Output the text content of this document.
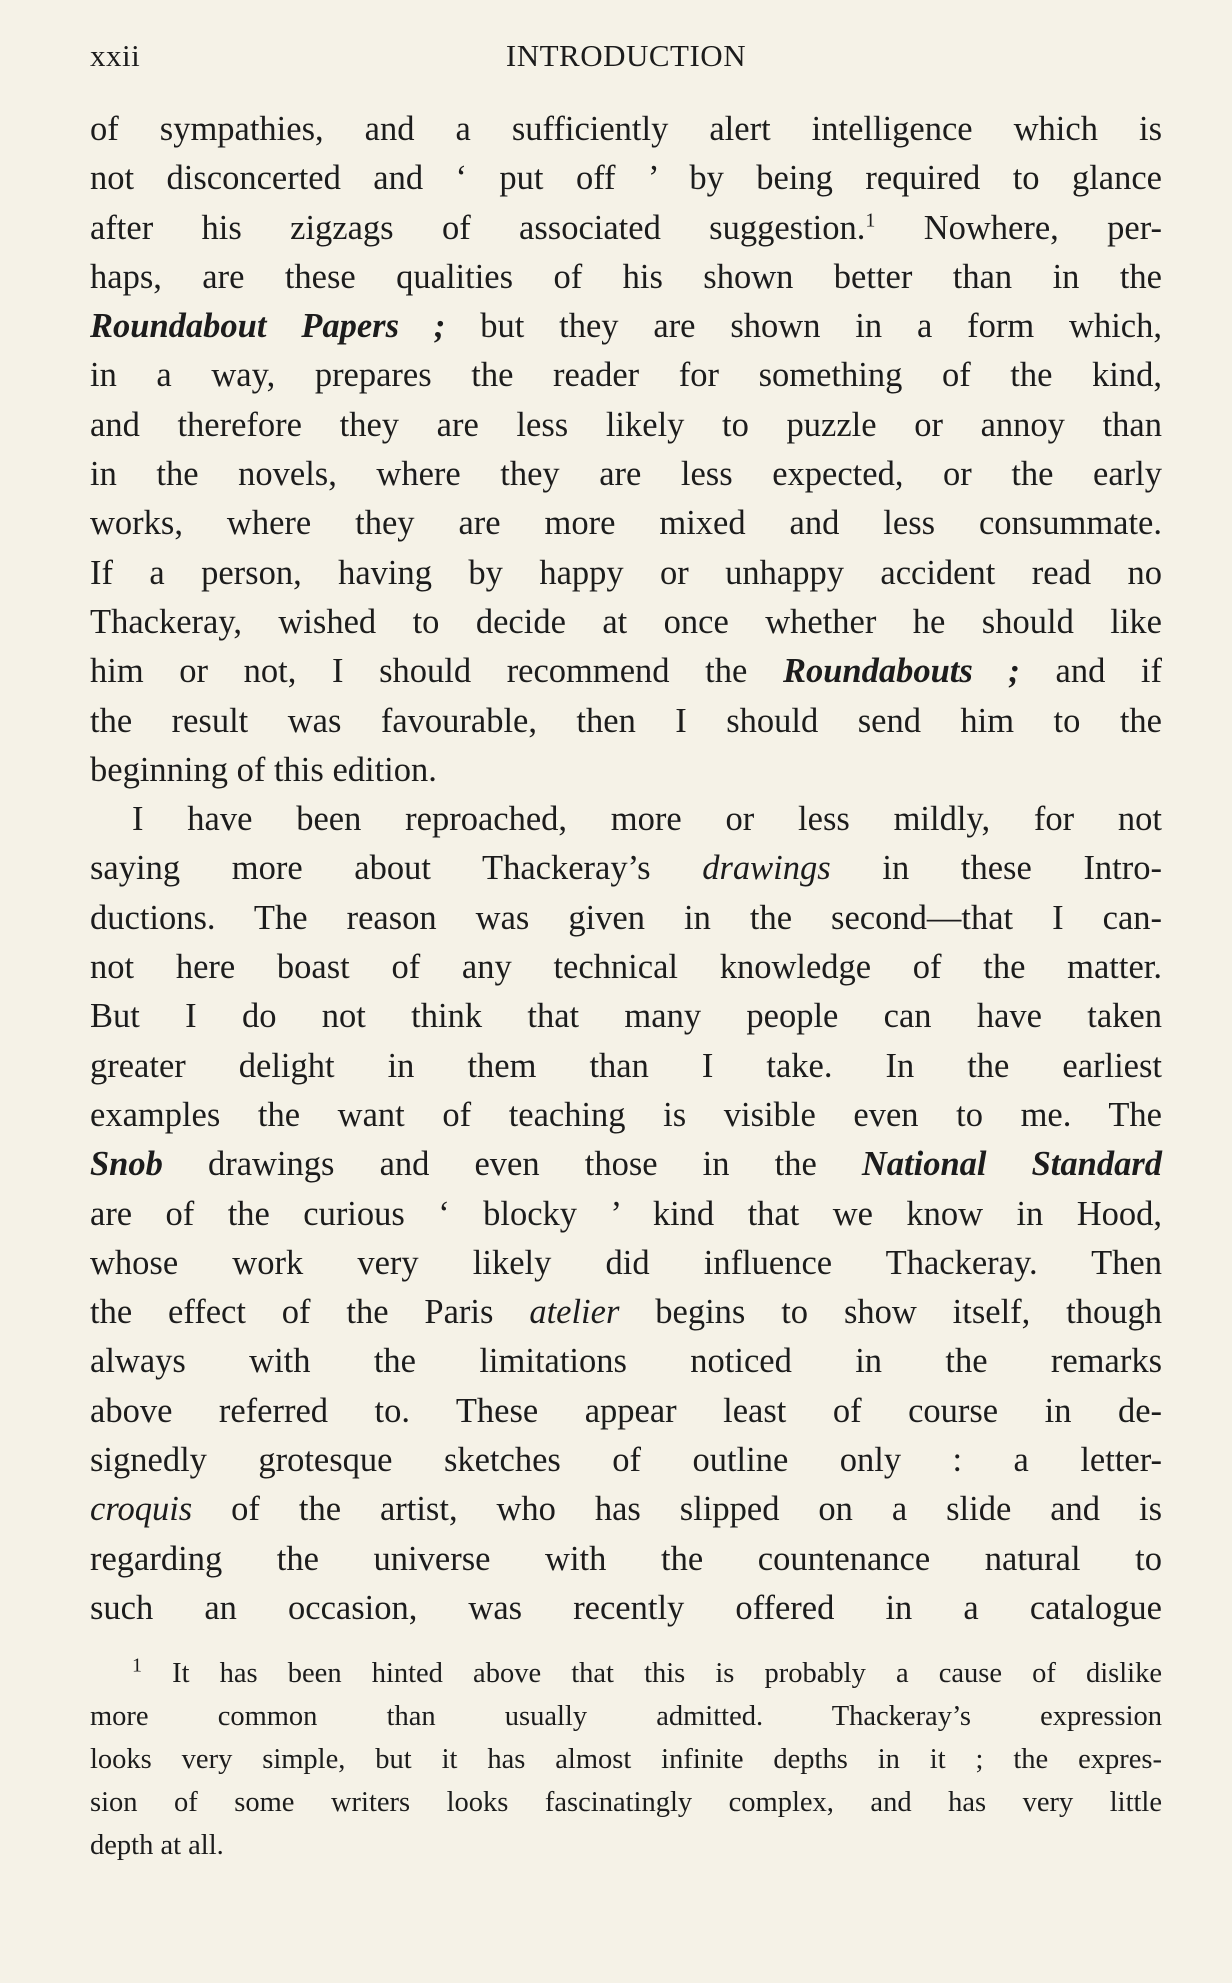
xxii	INTRODUCTION
of sympathies, and a sufficiently alert intelligence which is
not disconcerted and ‘ put off ’ by being required to glance
after his zigzags of associated suggestion.$^1$ Nowhere, per-
haps, are these qualities of his shown better than in the
Roundabout Papers ; but they are shown in a form which,
in a way, prepares the reader for something of the kind,
and therefore they are less likely to puzzle or annoy than
in the novels, where they are less expected, or the early
works, where they are more mixed and less consummate.
If a person, having by happy or unhappy accident read no
Thackeray, wished to decide at once whether he should like
him or not, I should recommend the Roundabouts ; and if
the result was favourable, then I should send him to the
beginning of this edition.
I have been reproached, more or less mildly, for not
saying more about Thackeray’s drawings in these Intro-
ductions. The reason was given in the second—that I can-
not here boast of any technical knowledge of the matter.
But I do not think that many people can have taken
greater delight in them than I take. In the earliest
examples the want of teaching is visible even to me. The
Snob drawings and even those in the National Standard
are of the curious ‘ blocky ’ kind that we know in Hood,
whose work very likely did influence Thackeray. Then
the effect of the Paris atelier begins to show itself, though
always with the limitations noticed in the remarks
above referred to. These appear least of course in de-
signedly grotesque sketches of outline only : a letter-
croquis of the artist, who has slipped on a slide and is
regarding the universe with the countenance natural to
such an occasion, was recently offered in a catalogue
$^1$ It has been hinted above that this is probably a cause of dislike
more common than usually admitted. Thackeray’s expression
looks very simple, but it has almost infinite depths in it ; the expres-
sion of some writers looks fascinatingly complex, and has very little
depth at all.
